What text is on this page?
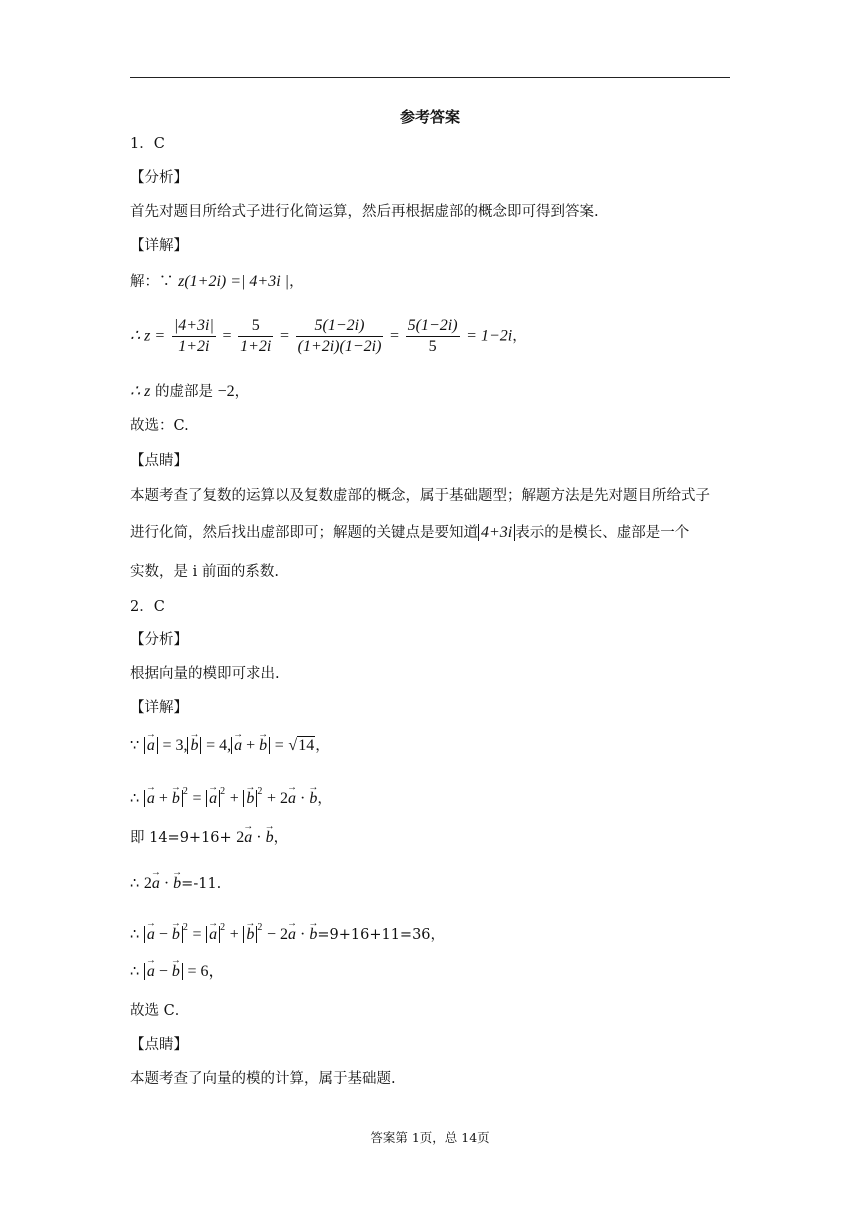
参考答案
1．C
【分析】
首先对题目所给式子进行化简运算，然后再根据虚部的概念即可得到答案.
【详解】
解：∵ z(1+2i) =| 4+3i |，
∴ $z = \frac{|4+3i|}{1+2i} = \frac{5}{1+2i} = \frac{5(1-2i)}{(1+2i)(1-2i)} = \frac{5(1-2i)}{5} = 1-2i$，
∴ z 的虚部是 −2，
故选：C.
【点睛】
本题考查了复数的运算以及复数虚部的概念，属于基础题型；解题方法是先对题目所给式子
进行化简，然后找出虚部即可；解题的关键点是要知道 4+3i 表示的是模长、虚部是一个
实数，是 i 前面的系数.
2．C
【分析】
根据向量的模即可求出.
【详解】
∵ → a = 3, → b = 4, → a + → b = √14，
∴ → a + → b $^2$ = → a $^2$ + → b $^2$ + 2→ a · → b，
即 14=9+16+ 2→ a · → b，
∴ 2→ a · → b=-11.
∴ → a − → b $^2$ = → a $^2$ + → b $^2$ − 2→ a · → b=9+16+11=36，
∴ → a − → b = 6，
故选 C．
【点睛】
本题考查了向量的模的计算，属于基础题.
答案第 1页，总 14页
